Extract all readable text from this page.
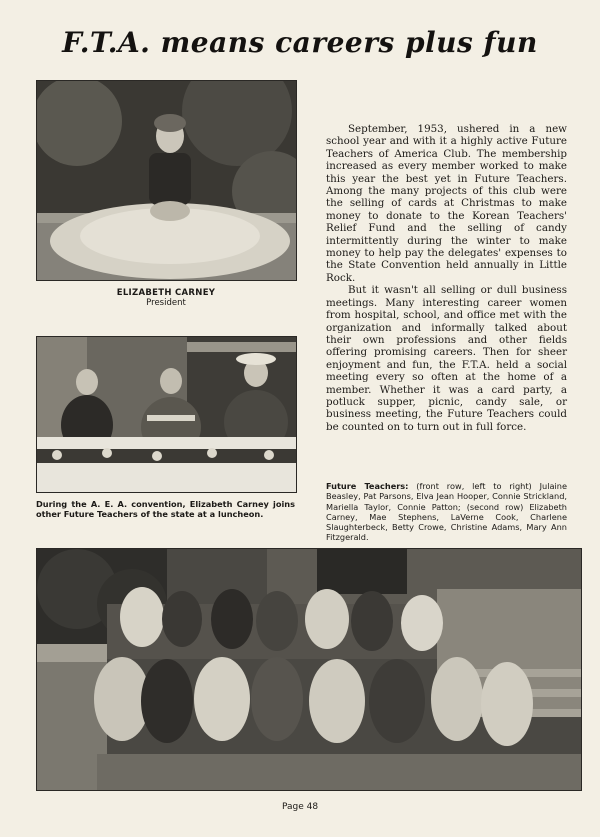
F.T.A. means careers plus fun
ELIZABETH CARNEY
President

September, 1953, ushered in a new school year and with it a highly active Future Teachers of America Club. The membership increased as every member worked to make this year the best yet in Future Teachers. Among the many projects of this club were the selling of cards at Christmas to make money to donate to the Korean Teachers' Relief Fund and the selling of candy intermittently during the winter to make money to help pay the delegates' expenses to the State Convention held annually in Little Rock.

But it wasn't all selling or dull business meetings. Many interesting career women from hospital, school, and office met with the organization and informally talked about their own professions and other fields offering promising careers. Then for sheer enjoyment and fun, the F.T.A. held a social meeting every so often at the home of a member. Whether it was a card party, a potluck supper, picnic, candy sale, or business meeting, the Future Teachers could be counted on to turn out in full force.

During the A. E. A. convention, Elizabeth Carney joins other Future Teachers of the state at a luncheon.
Future Teachers: (front row, left to right) Julaine Beasley, Pat Parsons, Elva Jean Hooper, Connie Strickland, Mariella Taylor, Connie Patton; (second row) Elizabeth Carney, Mae Stephens, LaVerne Cook, Charlene Slaughterbeck, Betty Crowe, Christine Adams, Mary Ann Fitzgerald.
Page 48
